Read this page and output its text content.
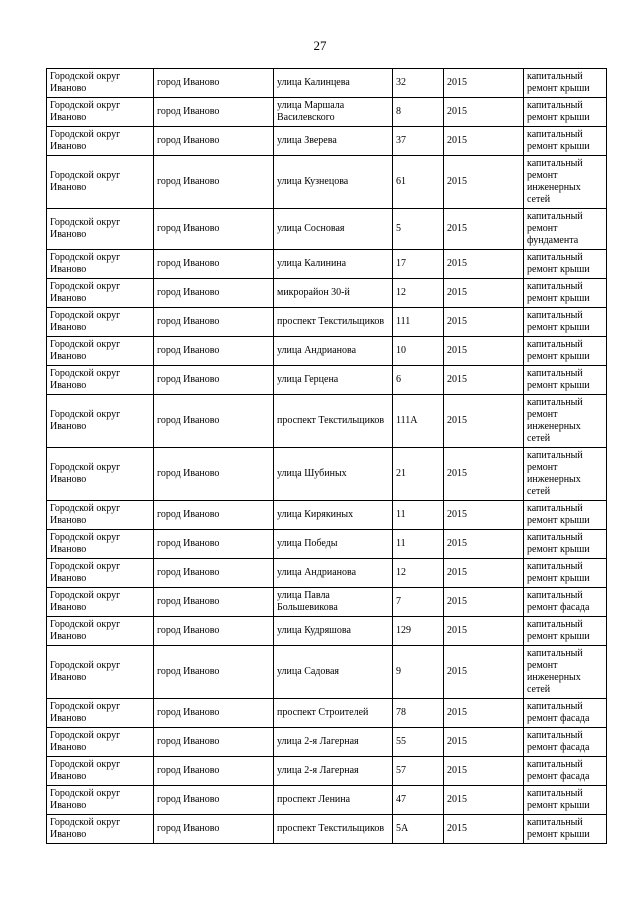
27
Городской округ Иваново	город Иваново	улица Калинцева	32	2015	капитальный ремонт крыши
Городской округ Иваново	город Иваново	улица Маршала Василевского	8	2015	капитальный ремонт крыши
Городской округ Иваново	город Иваново	улица Зверева	37	2015	капитальный ремонт крыши
Городской округ Иваново	город Иваново	улица Кузнецова	61	2015	капитальный ремонт инженерных сетей
Городской округ Иваново	город Иваново	улица Сосновая	5	2015	капитальный ремонт фундамента
Городской округ Иваново	город Иваново	улица Калинина	17	2015	капитальный ремонт крыши
Городской округ Иваново	город Иваново	микрорайон 30-й	12	2015	капитальный ремонт крыши
Городской округ Иваново	город Иваново	проспект Текстильщиков	111	2015	капитальный ремонт крыши
Городской округ Иваново	город Иваново	улица Андрианова	10	2015	капитальный ремонт крыши
Городской округ Иваново	город Иваново	улица Герцена	6	2015	капитальный ремонт крыши
Городской округ Иваново	город Иваново	проспект Текстильщиков	111А	2015	капитальный ремонт инженерных сетей
Городской округ Иваново	город Иваново	улица Шубиных	21	2015	капитальный ремонт инженерных сетей
Городской округ Иваново	город Иваново	улица Кирякиных	11	2015	капитальный ремонт крыши
Городской округ Иваново	город Иваново	улица Победы	11	2015	капитальный ремонт крыши
Городской округ Иваново	город Иваново	улица Андрианова	12	2015	капитальный ремонт крыши
Городской округ Иваново	город Иваново	улица Павла Большевикова	7	2015	капитальный ремонт фасада
Городской округ Иваново	город Иваново	улица Кудряшова	129	2015	капитальный ремонт крыши
Городской округ Иваново	город Иваново	улица Садовая	9	2015	капитальный ремонт инженерных сетей
Городской округ Иваново	город Иваново	проспект Строителей	78	2015	капитальный ремонт фасада
Городской округ Иваново	город Иваново	улица 2-я Лагерная	55	2015	капитальный ремонт фасада
Городской округ Иваново	город Иваново	улица 2-я Лагерная	57	2015	капитальный ремонт фасада
Городской округ Иваново	город Иваново	проспект Ленина	47	2015	капитальный ремонт крыши
Городской округ Иваново	город Иваново	проспект Текстильщиков	5А	2015	капитальный ремонт крыши
